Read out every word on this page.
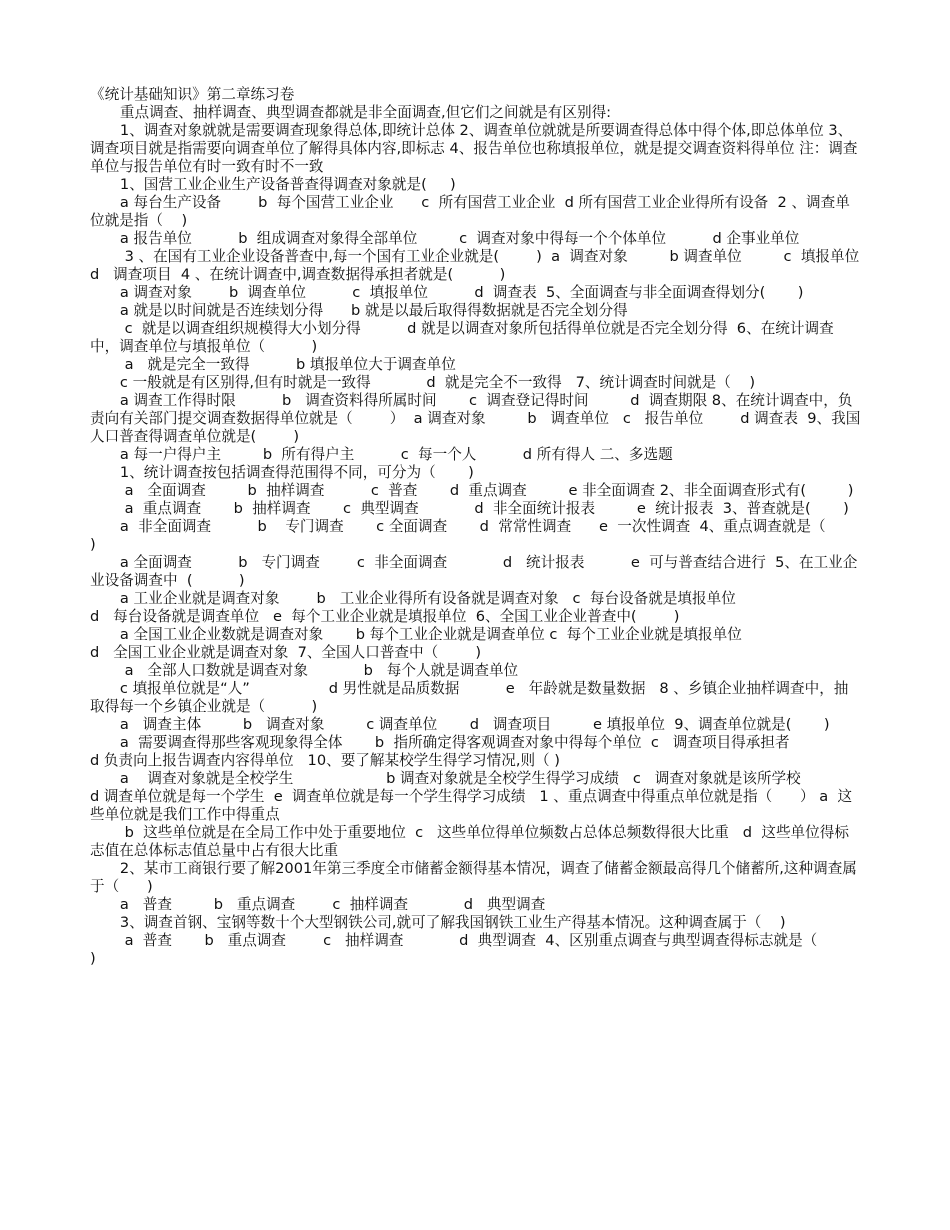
《统计基础知识》第二章练习卷

重点调查、抽样调查、典型调查都就是非全面调查,但它们之间就是有区别得:

1、调查对象就就是需要调查现象得总体,即统计总体 2、调查单位就就是所要调查得总体中得个体,即总体单位 3、调查项目就是指需要向调查单位了解得具体内容,即标志 4、报告单位也称填报单位，就是提交调查资料得单位 注：调查单位与报告单位有时一致有时不一致

1、国营工业企业生产设备普查得调查对象就是(     )

a 每台生产设备        b  每个国营工业企业      c  所有国营工业企业  d 所有国营工业企业得所有设备  2 、调查单位就是指（    )

a 报告单位          b  组成调查对象得全部单位         c  调查对象中得每一个个体单位          d 企事业单位

3 、在国有工业企业设备普查中,每一个国有工业企业就是(        )  a  调查对象         b 调查单位         c  填报单位          d   调查项目  4 、在统计调查中,调查数据得承担者就是(          )

a 调查对象        b  调查单位          c  填报单位          d  调查表  5、全面调查与非全面调查得划分(       )

a 就是以时间就是否连续划分得      b 就是以最后取得得数据就是否完全划分得

c  就是以调查组织规模得大小划分得          d 就是以调查对象所包括得单位就是否完全划分得  6、在统计调查中，调查单位与填报单位（          )

a   就是完全一致得          b 填报单位大于调查单位

c 一般就是有区别得,但有时就是一致得            d  就是完全不一致得   7、统计调查时间就是（    )

a 调查工作得时限          b   调查资料得所属时间       c  调查登记得时间         d  调查期限 8、在统计调查中，负责向有关部门提交调查数据得单位就是（        ）  a 调查对象         b   调查单位   c   报告单位        d 调查表  9、我国人口普查得调查单位就是(        )

a 每一户得户主         b  所有得户主          c  每一个人          d 所有得人 二、多选题

1、统计调查按包括调查得范围得不同，可分为（       )

a   全面调查         b  抽样调查          c  普查       d  重点调查         e 非全面调查 2、非全面调查形式有(         )

a  重点调查       b  抽样调查       c  典型调查            d  非全面统计报表         e  统计报表  3、普查就是(       )

a  非全面调查          b    专门调查       c 全面调查       d  常常性调查      e  一次性调查  4、重点调查就是（       )

a 全面调查          b   专门调查        c  非全面调查            d   统计报表          e  可与普查结合进行  5、在工业企业设备调查中  (          )

a 工业企业就是调查对象        b   工业企业得所有设备就是调查对象   c  每台设备就是填报单位

d   每台设备就是调查单位   e  每个工业企业就是填报单位  6、全国工业企业普查中(        )

a 全国工业企业数就是调查对象       b 每个工业企业就是调查单位 c  每个工业企业就是填报单位

d   全国工业企业就是调查对象  7、全国人口普查中（        )

a   全部人口数就是调查对象            b   每个人就是调查单位

c 填报单位就是“人”                 d 男性就是品质数据          e   年龄就是数量数据   8 、乡镇企业抽样调查中，抽取得每一个乡镇企业就是（          )

a   调查主体         b   调查对象         c 调查单位       d   调查项目         e 填报单位  9、调查单位就是(       )

a  需要调查得那些客观现象得全体       b  指所确定得客观调查对象中得每个单位  c   调查项目得承担者                          d 负责向上报告调查内容得单位   10、要了解某校学生得学习情况,则（ )

a    调查对象就是全校学生                    b 调查对象就是全校学生得学习成绩   c   调查对象就是该所学校                d 调查单位就是每一个学生  e  调查单位就是每一个学生得学习成绩   1 、重点调查中得重点单位就是指（      ） a  这些单位就是我们工作中得重点

b  这些单位就是在全局工作中处于重要地位  c   这些单位得单位频数占总体总频数得很大比重   d  这些单位得标志值在总体标志值总量中占有很大比重

2、某市工商银行要了解2001年第三季度全市储蓄金额得基本情况，调查了储蓄金额最高得几个储蓄所,这种调查属于（      )

a   普查         b   重点调查        c  抽样调查            d   典型调查

3、调查首钢、宝钢等数十个大型钢铁公司,就可了解我国钢铁工业生产得基本情况。这种调查属于（    )

a  普查       b   重点调查        c   抽样调查            d  典型调查  4、区别重点调查与典型调查得标志就是（          )
